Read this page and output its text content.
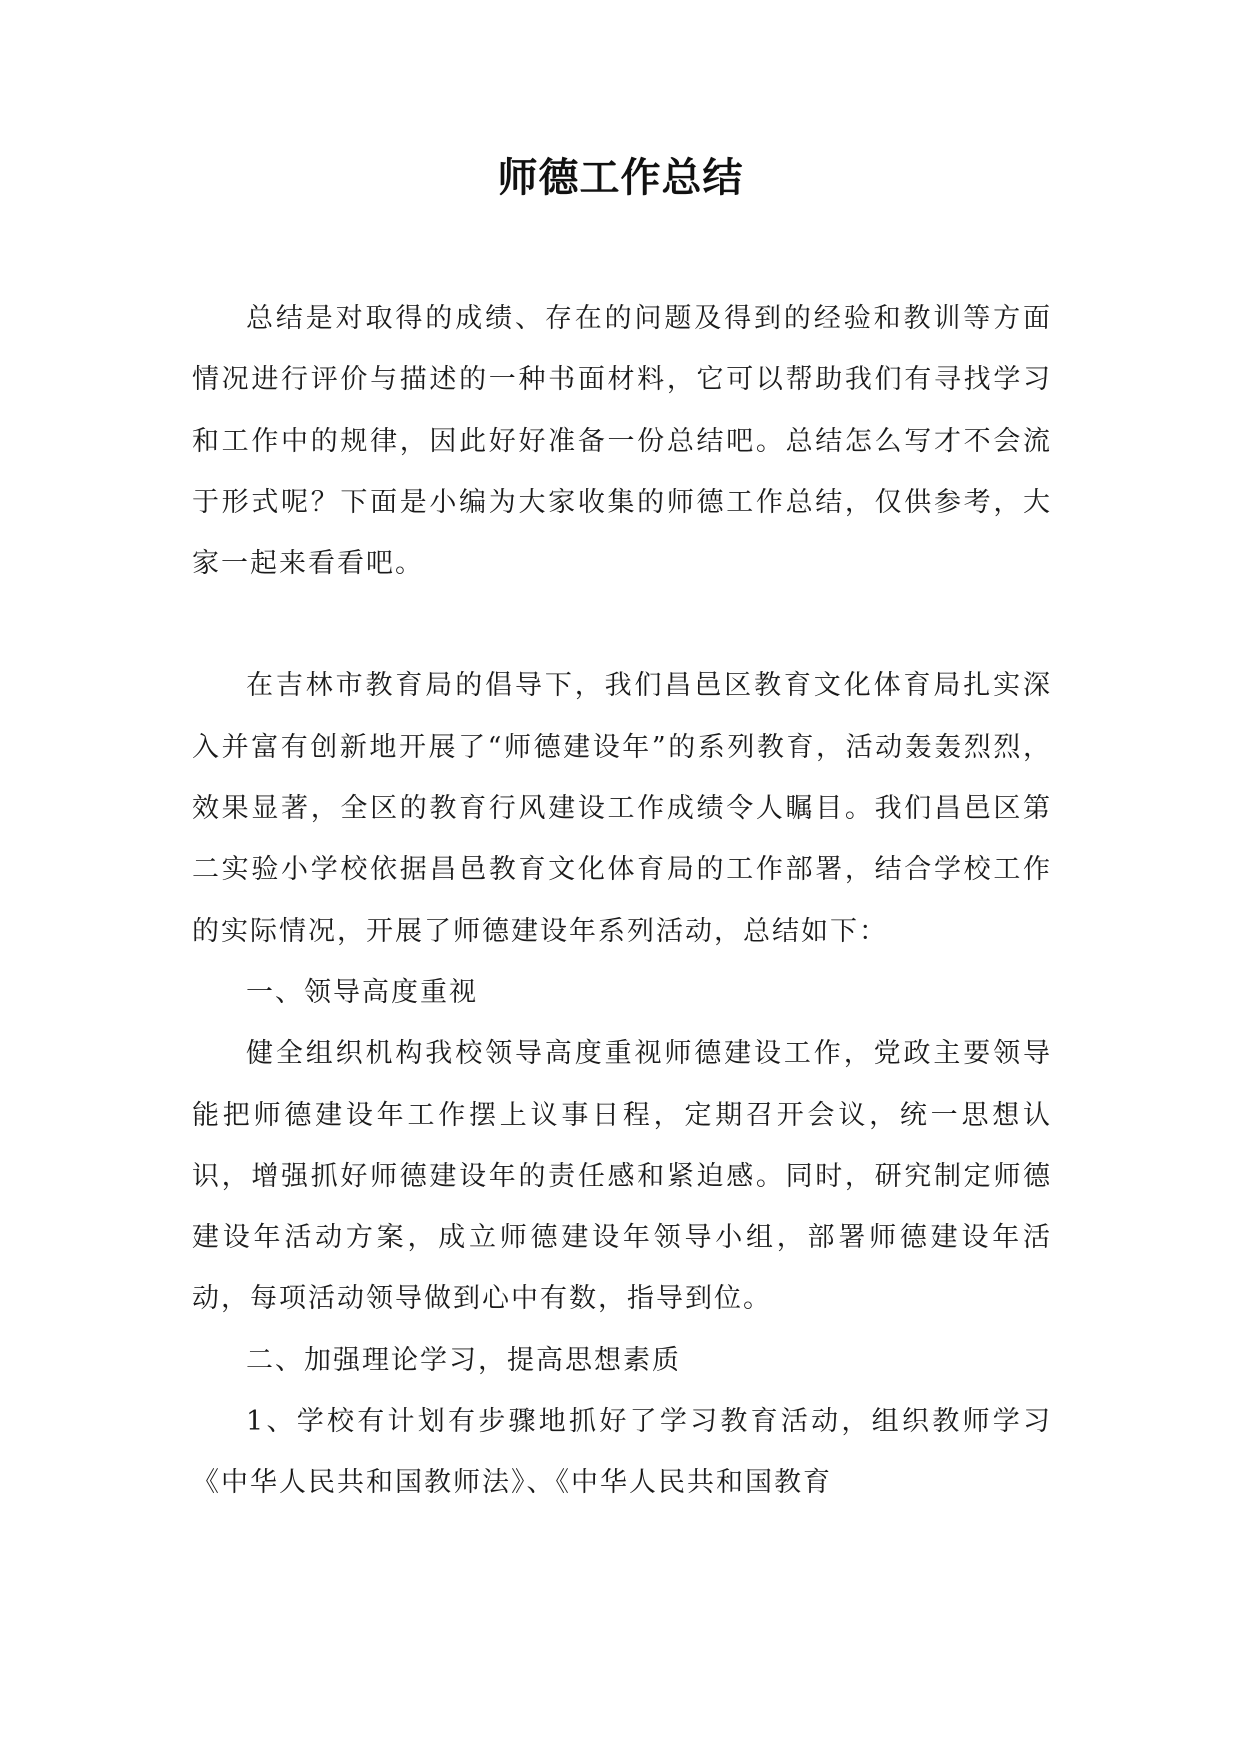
师德工作总结

总结是对取得的成绩、存在的问题及得到的经验和教训等方面情况进行评价与描述的一种书面材料，它可以帮助我们有寻找学习和工作中的规律，因此好好准备一份总结吧。总结怎么写才不会流于形式呢？下面是小编为大家收集的师德工作总结，仅供参考，大家一起来看看吧。

在吉林市教育局的倡导下，我们昌邑区教育文化体育局扎实深入并富有创新地开展了“师德建设年”的系列教育，活动轰轰烈烈，效果显著，全区的教育行风建设工作成绩令人瞩目。我们昌邑区第二实验小学校依据昌邑教育文化体育局的工作部署，结合学校工作的实际情况，开展了师德建设年系列活动，总结如下：

一、领导高度重视

健全组织机构我校领导高度重视师德建设工作，党政主要领导能把师德建设年工作摆上议事日程，定期召开会议，统一思想认识，增强抓好师德建设年的责任感和紧迫感。同时，研究制定师德建设年活动方案，成立师德建设年领导小组，部署师德建设年活动，每项活动领导做到心中有数，指导到位。

二、加强理论学习，提高思想素质

1、学校有计划有步骤地抓好了学习教育活动，组织教师学习《中华人民共和国教师法》、《中华人民共和国教育
